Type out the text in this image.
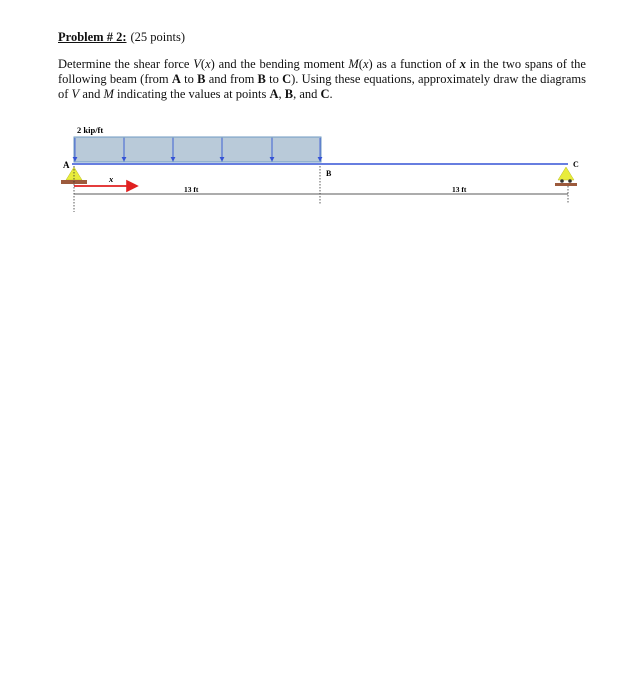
Problem # 2: (25 points)
Determine the shear force V(x) and the bending moment M(x) as a function of x in the two spans of the following beam (from A to B and from B to C). Using these equations, approximately draw the diagrams of V and M indicating the values at points A, B, and C.
2 kip/ft
A
B
C
x
13 ft	13 ft
